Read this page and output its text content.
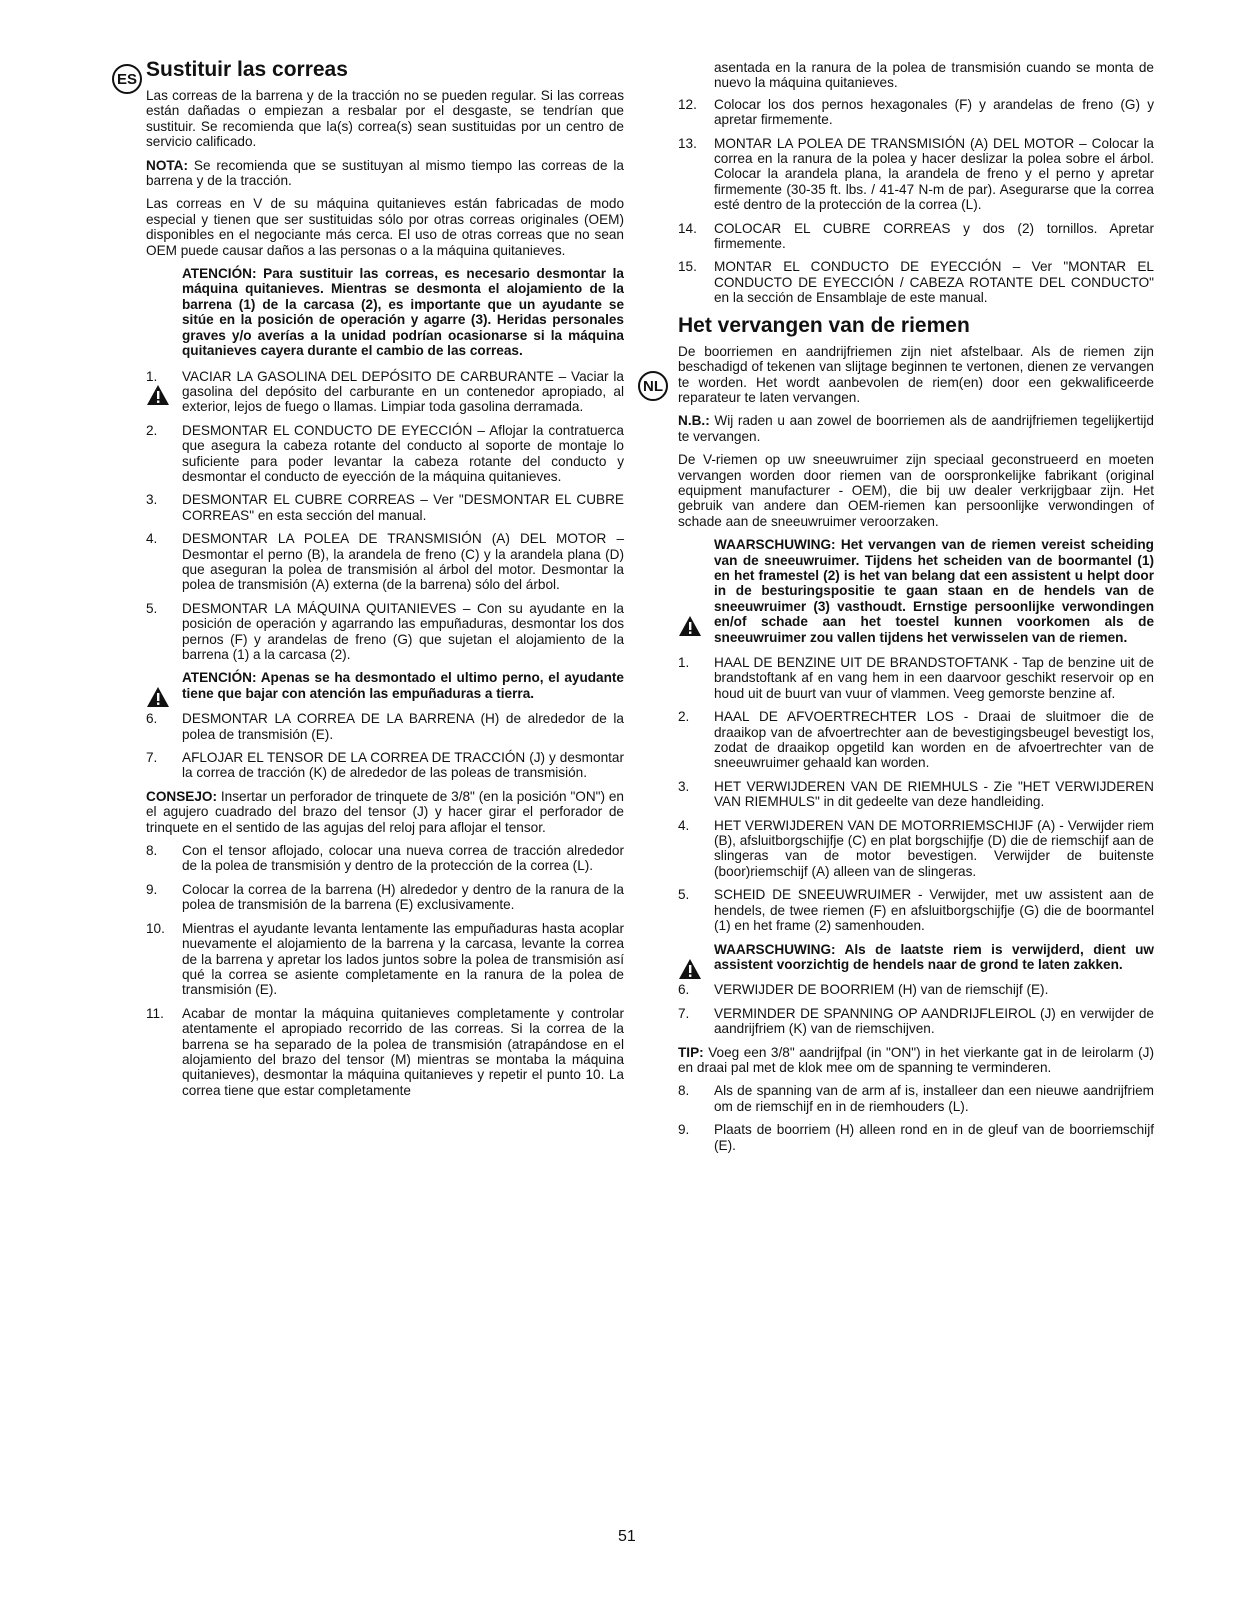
ES
NL
Sustituir las correas

Las correas de la barrena y de la tracción no se pueden regular. Si las correas están dañadas o empiezan a resbalar por el desgaste, se tendrían que sustituir. Se recomienda que la(s) correa(s) sean sustituidas por un centro de servicio calificado.

NOTA: Se recomienda que se sustituyan al mismo tiempo las correas de la barrena y de la tracción.

Las correas en V de su máquina quitanieves están fabricadas de modo especial y tienen que ser sustituidas sólo por otras correas originales (OEM) disponibles en el negociante más cerca. El uso de otras correas que no sean OEM puede causar daños a las personas o a la máquina quitanieves.

ATENCIÓN: Para sustituir las correas, es necesario desmontar la máquina quitanieves. Mientras se desmonta el alojamiento de la barrena (1) de la carcasa (2), es importante que un ayudante se sitúe en la posición de operación y agarre (3). Heridas personales graves y/o averías a la unidad podrían ocasionarse si la máquina quitanieves cayera durante el cambio de las correas.
1.	VACIAR LA GASOLINA DEL DEPÓSITO DE CARBURANTE – Vaciar la gasolina del depósito del carburante en un contenedor apropiado, al exterior, lejos de fuego o llamas. Limpiar toda gasolina derramada.
2.	DESMONTAR EL CONDUCTO DE EYECCIÓN – Aflojar la contratuerca que asegura la cabeza rotante del conducto al soporte de montaje lo suficiente para poder levantar la cabeza rotante del conducto y desmontar el conducto de eyección de la máquina quitanieves.
3.	DESMONTAR EL CUBRE CORREAS – Ver "DESMONTAR EL CUBRE CORREAS" en esta sección del manual.
4.	DESMONTAR LA POLEA DE TRANSMISIÓN (A) DEL MOTOR – Desmontar el perno (B), la arandela de freno (C) y la arandela plana (D) que aseguran la polea de transmisión al árbol del motor. Desmontar la polea de transmisión (A) externa (de la barrena) sólo del árbol.
5.	DESMONTAR LA MÁQUINA QUITANIEVES – Con su ayudante en la posición de operación y agarrando las empuñaduras, desmontar los dos pernos (F) y arandelas de freno (G) que sujetan el alojamiento de la barrena (1) a la carcasa (2).
ATENCIÓN: Apenas se ha desmontado el ultimo perno, el ayudante tiene que bajar con atención las empuñaduras a tierra.
6.	DESMONTAR LA CORREA DE LA BARRENA (H) de alrededor de la polea de transmisión (E).
7.	AFLOJAR EL TENSOR DE LA CORREA DE TRACCIÓN (J) y desmontar la correa de tracción (K) de alrededor de las poleas de transmisión.

CONSEJO: Insertar un perforador de trinquete de 3/8" (en la posición "ON") en el agujero cuadrado del brazo del tensor (J) y hacer girar el perforador de trinquete en el sentido de las agujas del reloj para aflojar el tensor.

8.	Con el tensor aflojado, colocar una nueva correa de tracción alrededor de la polea de transmisión y dentro de la protección de la correa (L).
9.	Colocar la correa de la barrena (H) alrededor y dentro de la ranura de la polea de transmisión de la barrena (E) exclusivamente.
10.	Mientras el ayudante levanta lentamente las empuñaduras hasta acoplar nuevamente el alojamiento de la barrena y la carcasa, levante la correa de la barrena y apretar los lados juntos sobre la polea de transmisión así qué la correa se asiente completamente en la ranura de la polea de transmisión (E).
11.	Acabar de montar la máquina quitanieves completamente y controlar atentamente el apropiado recorrido de las correas. Si la correa de la barrena se ha separado de la polea de transmisión (atrapándose en el alojamiento del brazo del tensor (M) mientras se montaba la máquina quitanieves), desmontar la máquina quitanieves y repetir el punto 10. La correa tiene que estar completamente
asentada en la ranura de la polea de transmisión cuando se monta de nuevo la máquina quitanieves.
12.	Colocar los dos pernos hexagonales (F) y arandelas de freno (G) y apretar firmemente.
13.	MONTAR LA POLEA DE TRANSMISIÓN (A) DEL MOTOR – Colocar la correa en la ranura de la polea y hacer deslizar la polea sobre el árbol. Colocar la arandela plana, la arandela de freno y el perno y apretar firmemente (30-35 ft. lbs. / 41-47 N-m de par). Asegurarse que la correa esté dentro de la protección de la correa (L).
14.	COLOCAR EL CUBRE CORREAS y dos (2) tornillos. Apretar firmemente.
15.	MONTAR EL CONDUCTO DE EYECCIÓN – Ver "MONTAR EL CONDUCTO DE EYECCIÓN / CABEZA ROTANTE DEL CONDUCTO" en la sección de Ensamblaje de este manual.
Het vervangen van de riemen

De boorriemen en aandrijfriemen zijn niet afstelbaar. Als de riemen zijn beschadigd of tekenen van slijtage beginnen te vertonen, dienen ze vervangen te worden. Het wordt aanbevolen de riem(en) door een gekwalificeerde reparateur te laten vervangen.

N.B.: Wij raden u aan zowel de boorriemen als de aandrijfriemen tegelijkertijd te vervangen.

De V-riemen op uw sneeuwruimer zijn speciaal geconstrueerd en moeten vervangen worden door riemen van de oorspronkelijke fabrikant (original equipment manufacturer - OEM), die bij uw dealer verkrijgbaar zijn. Het gebruik van andere dan OEM-riemen kan persoonlijke verwondingen of schade aan de sneeuwruimer veroorzaken.

WAARSCHUWING: Het vervangen van de riemen vereist scheiding van de sneeuwruimer. Tijdens het scheiden van de boormantel (1) en het framestel (2) is het van belang dat een assistent u helpt door in de besturingspositie te gaan staan en de hendels van de sneeuwruimer (3) vasthoudt. Ernstige persoonlijke verwondingen en/of schade aan het toestel kunnen voorkomen als de sneeuwruimer zou vallen tijdens het verwisselen van de riemen.
1.	HAAL DE BENZINE UIT DE BRANDSTOFTANK - Tap de benzine uit de brandstoftank af en vang hem in een daarvoor geschikt reservoir op en houd uit de buurt van vuur of vlammen. Veeg gemorste benzine af.
2.	HAAL DE AFVOERTRECHTER LOS - Draai de sluitmoer die de draaikop van de afvoertrechter aan de bevestigingsbeugel bevestigt los, zodat de draaikop opgetild kan worden en de afvoertrechter van de sneeuwruimer gehaald kan worden.
3.	HET VERWIJDEREN VAN DE RIEMHULS - Zie "HET VERWIJDEREN VAN RIEMHULS" in dit gedeelte van deze handleiding.
4.	HET VERWIJDEREN VAN DE MOTORRIEMSCHIJF (A) - Verwijder riem (B), afsluitborgschijfje (C) en plat borgschijfje (D) die de riemschijf aan de slingeras van de motor bevestigen. Verwijder de buitenste (boor)riemschijf (A) alleen van de slingeras.
5.	SCHEID DE SNEEUWRUIMER - Verwijder, met uw assistent aan de hendels, de twee riemen (F) en afsluitborgschijfje (G) die de boormantel (1) en het frame (2) samenhouden.
WAARSCHUWING: Als de laatste riem is verwijderd, dient uw assistent voorzichtig de hendels naar de grond te laten zakken.
6.	VERWIJDER DE BOORRIEM (H) van de riemschijf (E).
7.	VERMINDER DE SPANNING OP AANDRIJFLEIROL (J) en verwijder de aandrijfriem (K) van de riemschijven.

TIP: Voeg een 3/8" aandrijfpal (in "ON") in het vierkante gat in de leirolarm (J) en draai pal met de klok mee om de spanning te verminderen.

8.	Als de spanning van de arm af is, installeer dan een nieuwe aandrijfriem om de riemschijf en in de riemhouders (L).
9.	Plaats de boorriem (H) alleen rond en in de gleuf van de boorriemschijf (E).
51
